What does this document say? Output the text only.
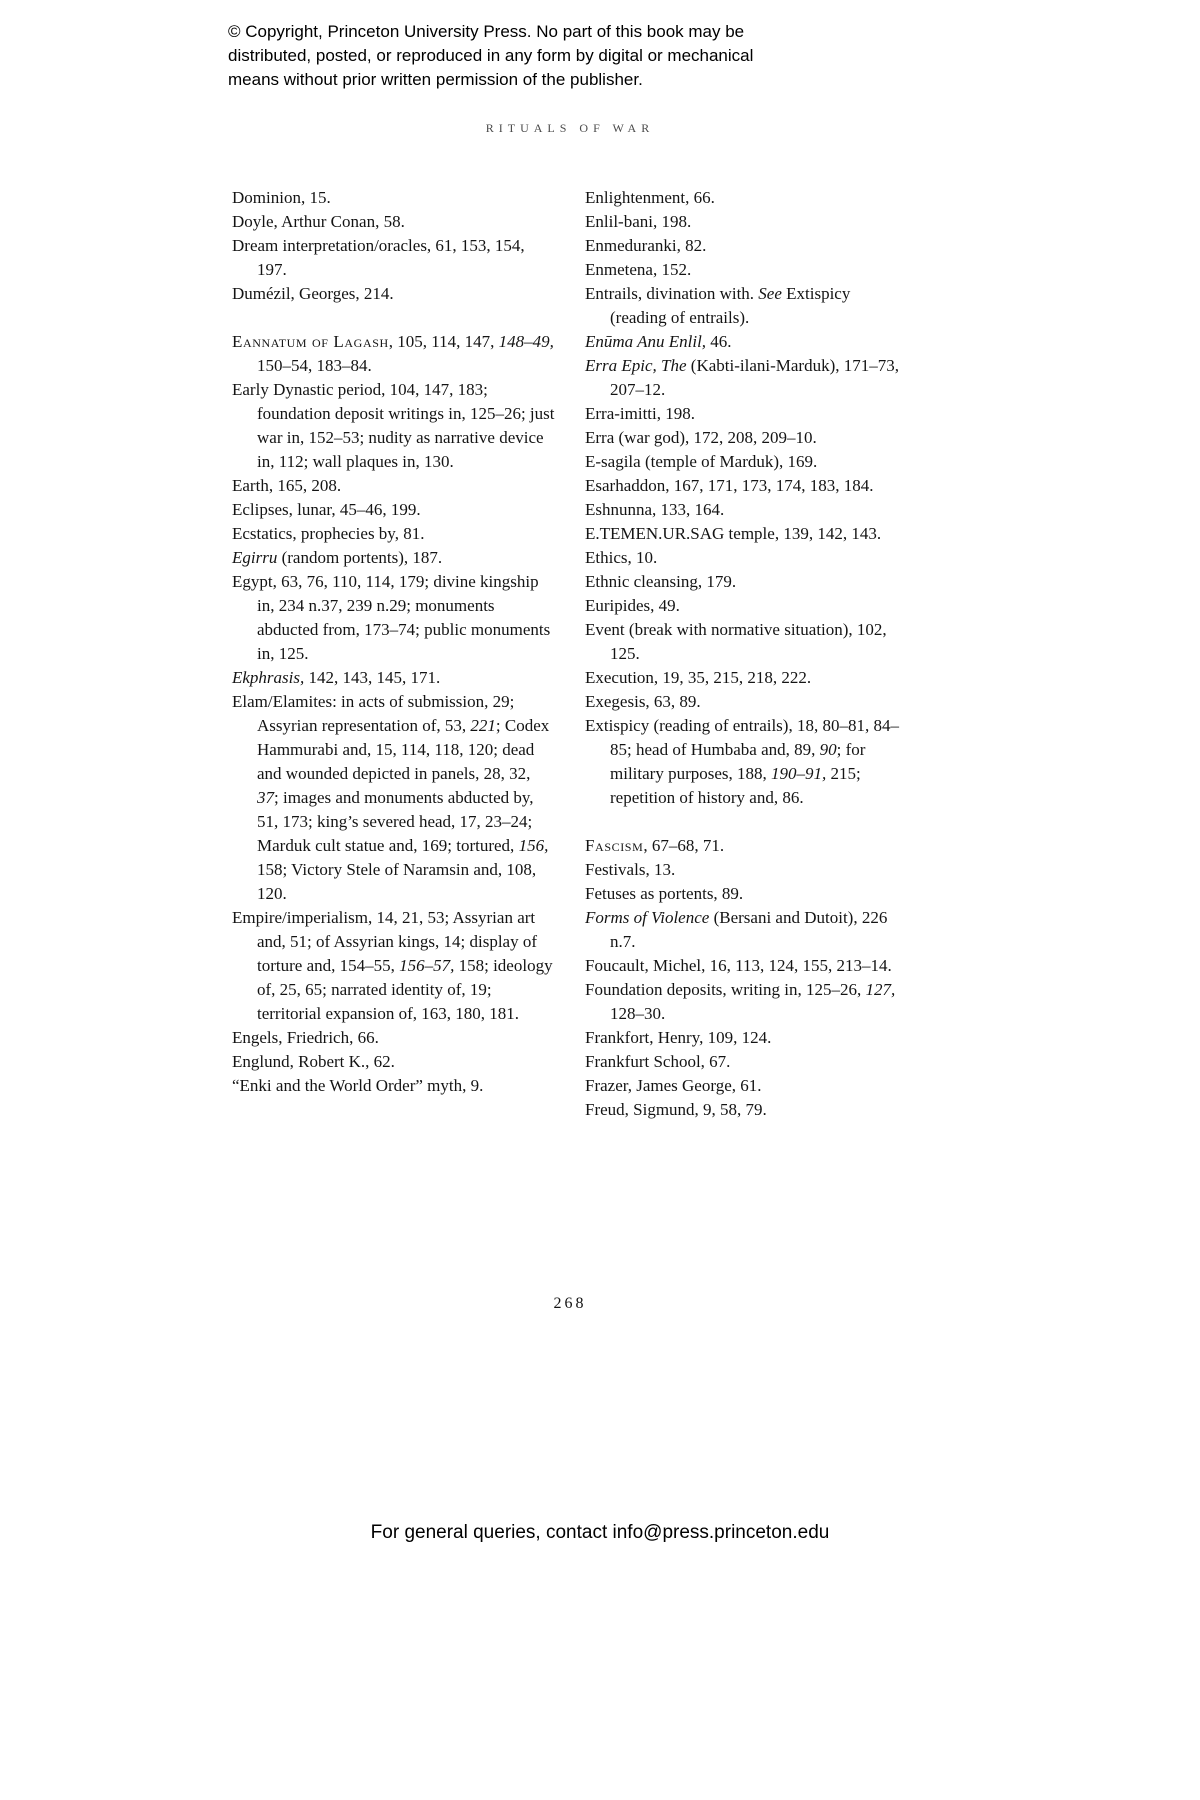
© Copyright, Princeton University Press. No part of this book may be
distributed, posted, or reproduced in any form by digital or mechanical
means without prior written permission of the publisher.
RITUALS OF WAR

Dominion, 15.

Doyle, Arthur Conan, 58.

Dream interpretation/oracles, 61, 153, 154, 197.

Dumézil, Georges, 214.

Eannatum of Lagash, 105, 114, 147, 148–49, 150–54, 183–84.

Early Dynastic period, 104, 147, 183; foundation deposit writings in, 125–26; just war in, 152–53; nudity as narrative device in, 112; wall plaques in, 130.

Earth, 165, 208.

Eclipses, lunar, 45–46, 199.

Ecstatics, prophecies by, 81.

Egirru (random portents), 187.

Egypt, 63, 76, 110, 114, 179; divine kingship in, 234 n.37, 239 n.29; monuments abducted from, 173–74; public monuments in, 125.

Ekphrasis, 142, 143, 145, 171.

Elam/Elamites: in acts of submission, 29; Assyrian representation of, 53, 221; Codex Hammurabi and, 15, 114, 118, 120; dead and wounded depicted in panels, 28, 32, 37; images and monuments abducted by, 51, 173; king’s severed head, 17, 23–24; Marduk cult statue and, 169; tortured, 156, 158; Victory Stele of Naramsin and, 108, 120.

Empire/imperialism, 14, 21, 53; Assyrian art and, 51; of Assyrian kings, 14; display of torture and, 154–55, 156–57, 158; ideology of, 25, 65; narrated identity of, 19; territorial expansion of, 163, 180, 181.

Engels, Friedrich, 66.

Englund, Robert K., 62.

“Enki and the World Order” myth, 9.

Enlightenment, 66.

Enlil-bani, 198.

Enmeduranki, 82.

Enmetena, 152.

Entrails, divination with. See Extispicy (reading of entrails).

Enūma Anu Enlil, 46.

Erra Epic, The (Kabti-ilani-Marduk), 171–73, 207–12.

Erra-imitti, 198.

Erra (war god), 172, 208, 209–10.

E-sagila (temple of Marduk), 169.

Esarhaddon, 167, 171, 173, 174, 183, 184.

Eshnunna, 133, 164.

E.TEMEN.UR.SAG temple, 139, 142, 143.

Ethics, 10.

Ethnic cleansing, 179.

Euripides, 49.

Event (break with normative situation), 102, 125.

Execution, 19, 35, 215, 218, 222.

Exegesis, 63, 89.

Extispicy (reading of entrails), 18, 80–81, 84–85; head of Humbaba and, 89, 90; for military purposes, 188, 190–91, 215; repetition of history and, 86.

Fascism, 67–68, 71.

Festivals, 13.

Fetuses as portents, 89.

Forms of Violence (Bersani and Dutoit), 226 n.7.

Foucault, Michel, 16, 113, 124, 155, 213–14.

Foundation deposits, writing in, 125–26, 127, 128–30.

Frankfort, Henry, 109, 124.

Frankfurt School, 67.

Frazer, James George, 61.

Freud, Sigmund, 9, 58, 79.

268
For general queries, contact info@press.princeton.edu
